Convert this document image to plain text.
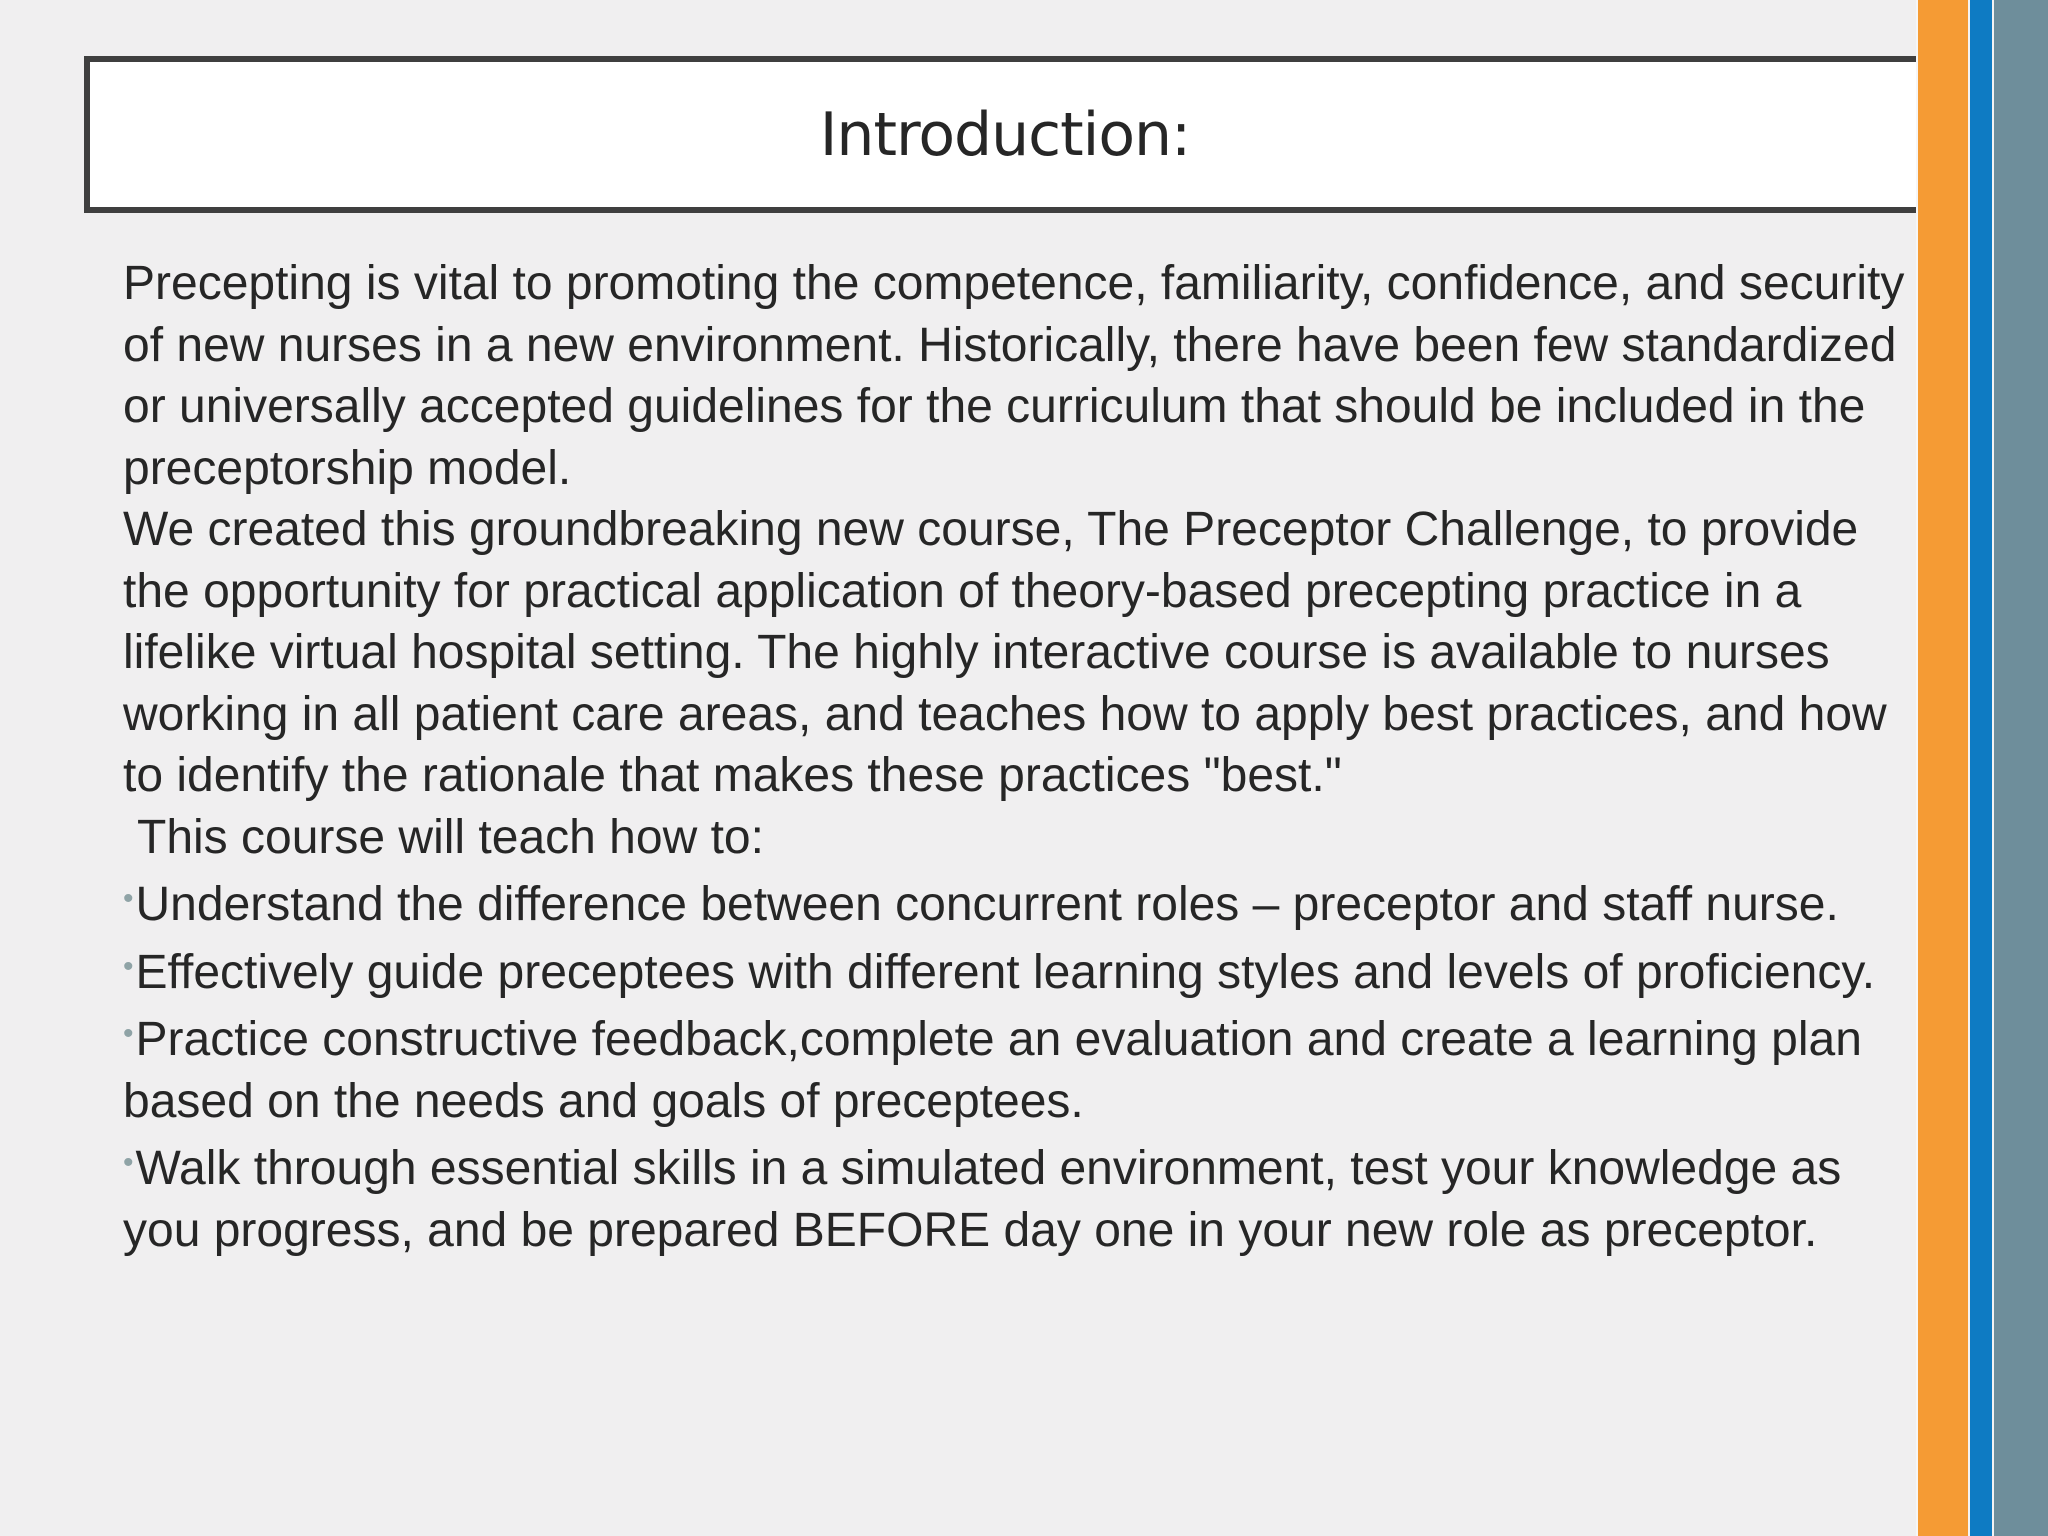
Introduction:

Precepting is vital to promoting the competence, familiarity, confidence, and security of new nurses in a new environment. Historically, there have been few standardized or universally accepted guidelines for the curriculum that should be included in the preceptorship model.

We created this groundbreaking new course, The Preceptor Challenge, to provide the opportunity for practical application of theory-based precepting practice in a lifelike virtual hospital setting. The highly interactive course is available to nurses working in all patient care areas, and teaches how to apply best practices, and how to identify the rationale that makes these practices "best."

This course will teach how to:

•Understand the difference between concurrent roles – preceptor and staff nurse.

•Effectively guide preceptees with different learning styles and levels of proficiency.

•Practice constructive feedback,complete an evaluation and create a learning plan based on the needs and goals of preceptees.

•Walk through essential skills in a simulated environment, test your knowledge as you progress, and be prepared BEFORE day one in your new role as preceptor.
